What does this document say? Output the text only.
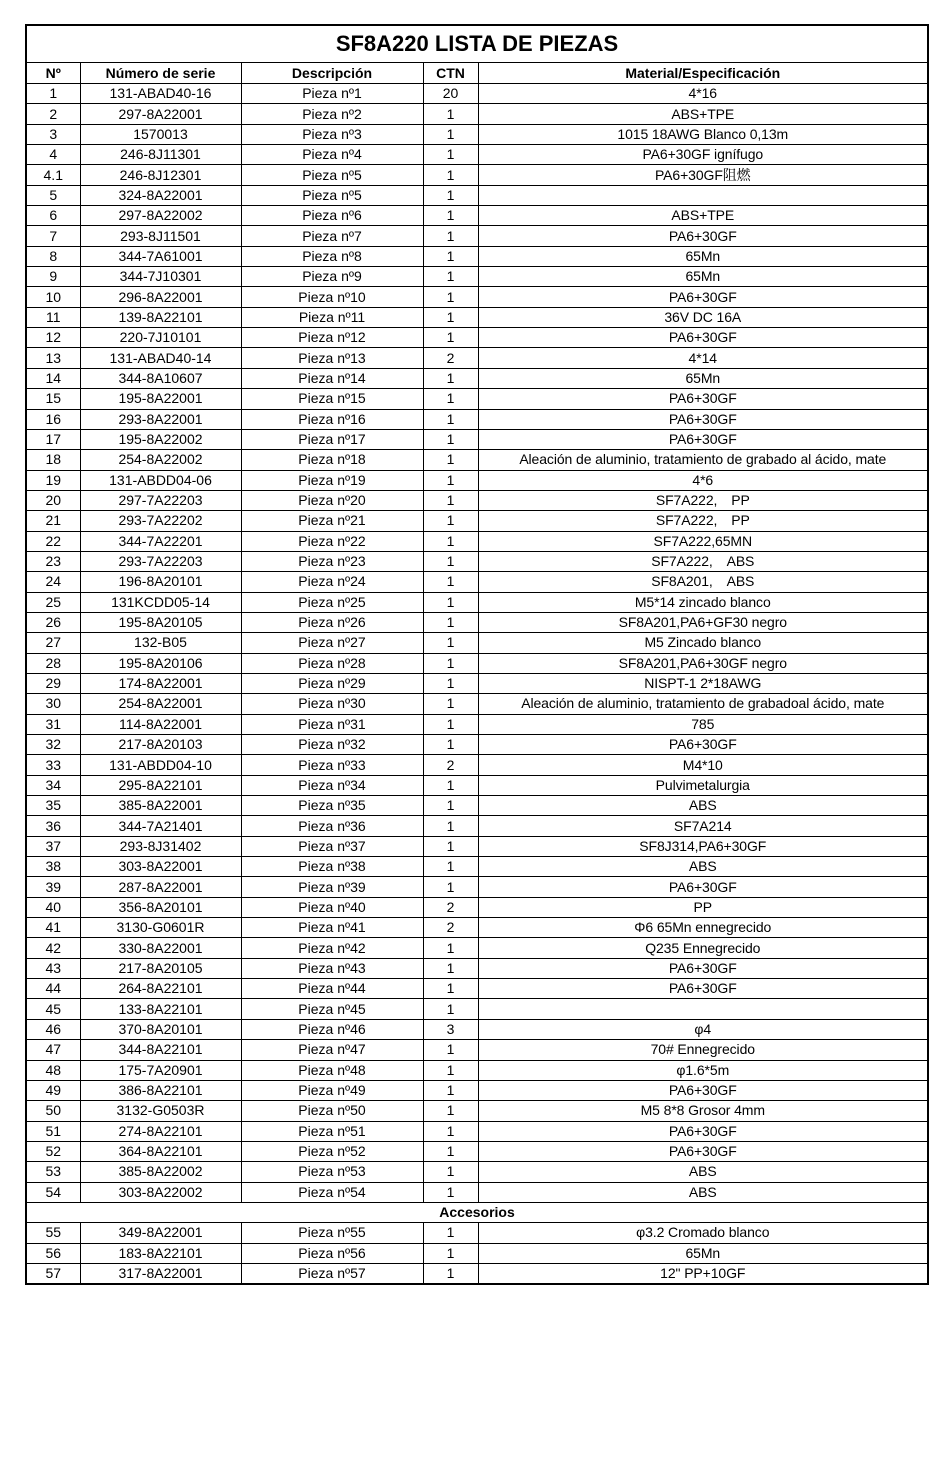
SF8A220 LISTA DE PIEZAS				
Nº	Número de serie	Descripción	CTN	Material/Especificación
1	131-ABAD40-16	Pieza nº1	20	4*16
2	297-8A22001	Pieza nº2	1	ABS+TPE
3	1570013	Pieza nº3	1	1015 18AWG Blanco 0,13m
4	246-8J11301	Pieza nº4	1	PA6+30GF ignífugo
4.1	246-8J12301	Pieza nº5	1	PA6+30GF阻燃
5	324-8A22001	Pieza nº5	1	
6	297-8A22002	Pieza nº6	1	ABS+TPE
7	293-8J11501	Pieza nº7	1	PA6+30GF
8	344-7A61001	Pieza nº8	1	65Mn
9	344-7J10301	Pieza nº9	1	65Mn
10	296-8A22001	Pieza nº10	1	PA6+30GF
11	139-8A22101	Pieza nº11	1	36V DC 16A
12	220-7J10101	Pieza nº12	1	PA6+30GF
13	131-ABAD40-14	Pieza nº13	2	4*14
14	344-8A10607	Pieza nº14	1	65Mn
15	195-8A22001	Pieza nº15	1	PA6+30GF
16	293-8A22001	Pieza nº16	1	PA6+30GF
17	195-8A22002	Pieza nº17	1	PA6+30GF
18	254-8A22002	Pieza nº18	1	Aleación de aluminio, tratamiento de grabado al ácido, mate
19	131-ABDD04-06	Pieza nº19	1	4*6
20	297-7A22203	Pieza nº20	1	SF7A222,　PP
21	293-7A22202	Pieza nº21	1	SF7A222,　PP
22	344-7A22201	Pieza nº22	1	SF7A222,65MN
23	293-7A22203	Pieza nº23	1	SF7A222,　ABS
24	196-8A20101	Pieza nº24	1	SF8A201,　ABS
25	131KCDD05-14	Pieza nº25	1	M5*14 zincado blanco
26	195-8A20105	Pieza nº26	1	SF8A201,PA6+GF30 negro
27	132-B05	Pieza nº27	1	M5 Zincado blanco
28	195-8A20106	Pieza nº28	1	SF8A201,PA6+30GF negro
29	174-8A22001	Pieza nº29	1	NISPT-1 2*18AWG
30	254-8A22001	Pieza nº30	1	Aleación de aluminio, tratamiento de grabadoal ácido, mate
31	114-8A22001	Pieza nº31	1	785
32	217-8A20103	Pieza nº32	1	PA6+30GF
33	131-ABDD04-10	Pieza nº33	2	M4*10
34	295-8A22101	Pieza nº34	1	Pulvimetalurgia
35	385-8A22001	Pieza nº35	1	ABS
36	344-7A21401	Pieza nº36	1	SF7A214
37	293-8J31402	Pieza nº37	1	SF8J314,PA6+30GF
38	303-8A22001	Pieza nº38	1	ABS
39	287-8A22001	Pieza nº39	1	PA6+30GF
40	356-8A20101	Pieza nº40	2	PP
41	3130-G0601R	Pieza nº41	2	Φ6 65Mn ennegrecido
42	330-8A22001	Pieza nº42	1	Q235 Ennegrecido
43	217-8A20105	Pieza nº43	1	PA6+30GF
44	264-8A22101	Pieza nº44	1	PA6+30GF
45	133-8A22101	Pieza nº45	1	
46	370-8A20101	Pieza nº46	3	φ4
47	344-8A22101	Pieza nº47	1	70# Ennegrecido
48	175-7A20901	Pieza nº48	1	φ1.6*5m
49	386-8A22101	Pieza nº49	1	PA6+30GF
50	3132-G0503R	Pieza nº50	1	M5 8*8 Grosor 4mm
51	274-8A22101	Pieza nº51	1	PA6+30GF
52	364-8A22101	Pieza nº52	1	PA6+30GF
53	385-8A22002	Pieza nº53	1	ABS
54	303-8A22002	Pieza nº54	1	ABS
Accesorios				
55	349-8A22001	Pieza nº55	1	φ3.2 Cromado blanco
56	183-8A22101	Pieza nº56	1	65Mn
57	317-8A22001	Pieza nº57	1	12" PP+10GF
